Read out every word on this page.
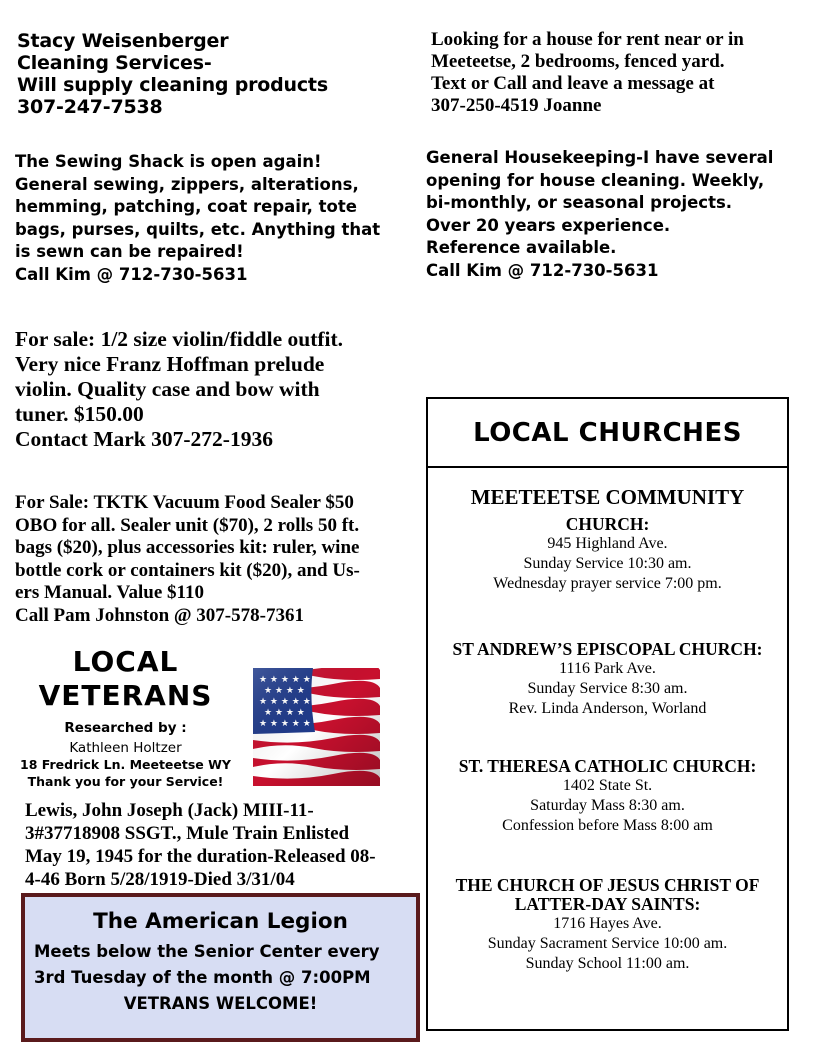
Stacy Weisenberger
Cleaning Services-
Will supply cleaning products
307-247-7538
Looking for a house for rent near or in
Meeteetse, 2 bedrooms, fenced yard.
Text or Call and leave a message at
307-250-4519 Joanne
The Sewing Shack is open again!
General sewing, zippers, alterations,
hemming, patching, coat repair, tote
bags, purses, quilts, etc. Anything that
is sewn can be repaired!
Call Kim @ 712-730-5631
General Housekeeping-I have several
opening for house cleaning. Weekly,
bi-monthly, or seasonal projects.
Over 20 years experience.
Reference available.
Call Kim @ 712-730-5631
For sale: 1/2 size violin/fiddle outfit.
Very nice Franz Hoffman prelude
violin. Quality case and bow with
tuner. $150.00
Contact Mark 307-272-1936
For Sale: TKTK Vacuum Food Sealer $50
OBO for all. Sealer unit ($70), 2 rolls 50 ft.
bags ($20), plus accessories kit: ruler, wine
bottle cork or containers kit ($20), and Us-
ers Manual. Value $110
Call Pam Johnston @ 307-578-7361
LOCAL
VETERANS
Researched by :
Kathleen Holtzer
18 Fredrick Ln. Meeteetse WY
Thank you for your Service!
Lewis, John Joseph (Jack) MIII-11-
3#37718908 SSGT., Mule Train Enlisted
May 19, 1945 for the duration-Released 08-
4-46 Born 5/28/1919-Died 3/31/04
The American Legion
Meets below the Senior Center every
3rd Tuesday of the month @ 7:00PM
VETRANS WELCOME!
LOCAL CHURCHES
MEETEETSE COMMUNITY
CHURCH:
945 Highland Ave.
Sunday Service 10:30 am.
Wednesday prayer service 7:00 pm.
ST ANDREW’S EPISCOPAL CHURCH:
1116 Park Ave.
Sunday Service 8:30 am.
Rev. Linda Anderson, Worland
ST. THERESA CATHOLIC CHURCH:
1402 State St.
Saturday Mass 8:30 am.
Confession before Mass 8:00 am
THE CHURCH OF JESUS CHRIST OF
LATTER-DAY SAINTS:
1716 Hayes Ave.
Sunday Sacrament Service 10:00 am.
Sunday School 11:00 am.
